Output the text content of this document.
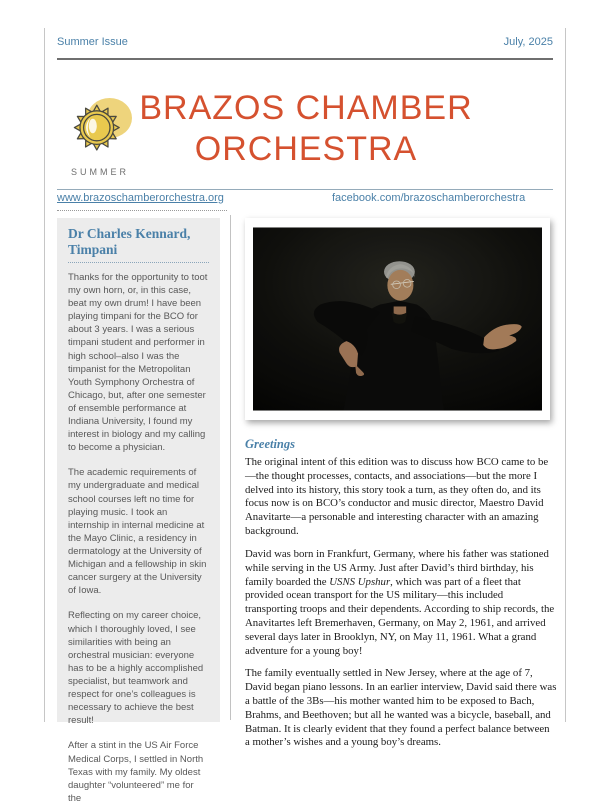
Summer Issue	July, 2025
SUMMER
BRAZOS CHAMBER
ORCHESTRA
www.brazoschamberorchestra.org	facebook.com/brazoschamberorchestra
Dr Charles Kennard,
Timpani

Thanks for the opportunity to toot my own horn, or, in this case, beat my own drum! I have been playing timpani for the BCO for about 3 years. I was a serious timpani student and performer in high school–also I was the timpanist for the Metropolitan Youth Symphony Orchestra of Chicago, but, after one semester of ensemble performance at Indiana University, I found my interest in biology and my calling to become a physician.

The academic requirements of my undergraduate and medical school courses left no time for playing music. I took an internship in internal medicine at the Mayo Clinic, a residency in dermatology at the University of Michigan and a fellowship in skin cancer surgery at the University of Iowa.

Reflecting on my career choice, which I thoroughly loved, I see similarities with being an orchestral musician: everyone has to be a highly accomplished specialist, but teamwork and respect for one’s colleagues is necessary to achieve the best result!

After a stint in the US Air Force Medical Corps, I settled in North Texas with my family. My oldest daughter “volunteered” me for the

Greetings

The original intent of this edition was to discuss how BCO came to be—the thought processes, contacts, and associations—but the more I delved into its history, this story took a turn, as they often do, and its focus now is on BCO’s conductor and music director, Maestro David Anavitarte—a personable and interesting character with an amazing background.

David was born in Frankfurt, Germany, where his father was stationed while serving in the US Army. Just after David’s third birthday, his family boarded the USNS Upshur, which was part of a fleet that provided ocean transport for the US military—this included transporting troops and their dependents. According to ship records, the Anavitartes left Bremerhaven, Germany, on May 2, 1961, and arrived several days later in Brooklyn, NY, on May 11, 1961. What a grand adventure for a young boy!

The family eventually settled in New Jersey, where at the age of 7, David began piano lessons. In an earlier interview, David said there was a battle of the 3Bs—his mother wanted him to be exposed to Bach, Brahms, and Beethoven; but all he wanted was a bicycle, baseball, and Batman. It is clearly evident that they found a perfect balance between a mother’s wishes and a young boy’s dreams.
